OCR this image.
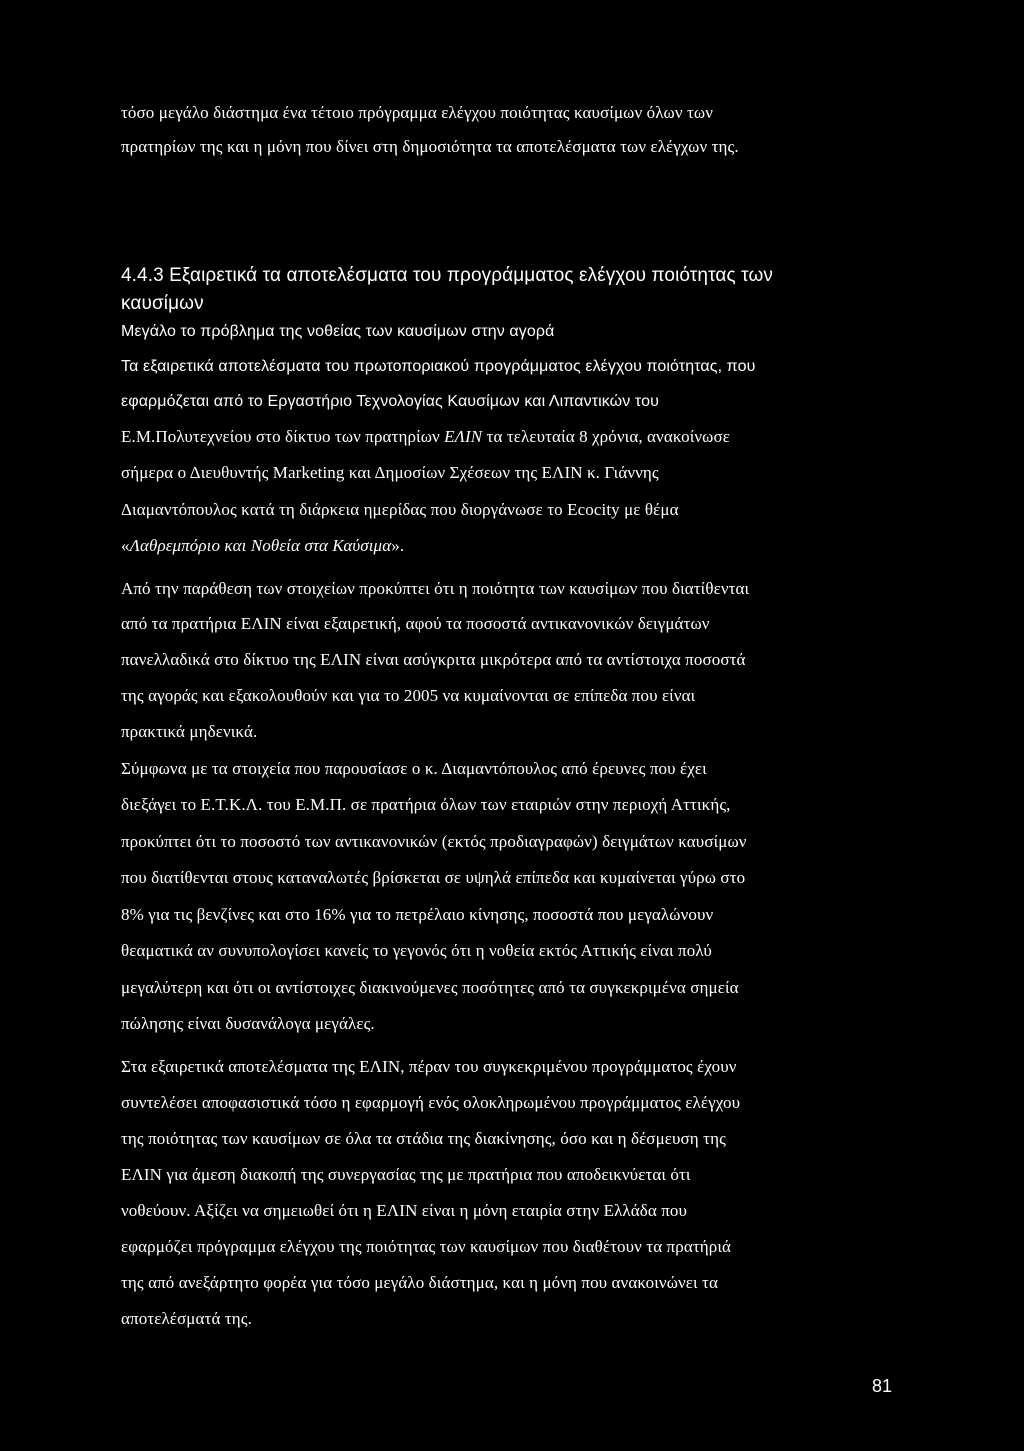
τόσο μεγάλο διάστημα ένα τέτοιο πρόγραμμα ελέγχου ποιότητας καυσίμων όλων των
πρατηρίων της και η μόνη που δίνει στη δημοσιότητα τα αποτελέσματα των ελέγχων της.
4.4.3 Εξαιρετικά τα αποτελέσματα του προγράμματος ελέγχου ποιότητας των
καυσίμων
Μεγάλο το πρόβλημα της νοθείας των καυσίμων στην αγορά
Τα εξαιρετικά αποτελέσματα του πρωτοποριακού προγράμματος ελέγχου ποιότητας, που
εφαρμόζεται από το Εργαστήριο Τεχνολογίας Καυσίμων και Λιπαντικών του
Ε.Μ.Πολυτεχνείου στο δίκτυο των πρατηρίων ΕΛΙΝ τα τελευταία 8 χρόνια, ανακοίνωσε
σήμερα ο Διευθυντής Marketing και Δημοσίων Σχέσεων της ΕΛΙΝ κ. Γιάννης
Διαμαντόπουλος κατά τη διάρκεια ημερίδας που διοργάνωσε το Ecocity με θέμα
«Λαθρεμπόριο και Νοθεία στα Καύσιμα».
Από την παράθεση των στοιχείων προκύπτει ότι η ποιότητα των καυσίμων που διατίθενται
από τα πρατήρια ΕΛΙΝ είναι εξαιρετική, αφού τα ποσοστά αντικανονικών δειγμάτων
πανελλαδικά στο δίκτυο της ΕΛΙΝ είναι ασύγκριτα μικρότερα από τα αντίστοιχα ποσοστά
της αγοράς και εξακολουθούν και για το 2005 να κυμαίνονται σε επίπεδα που είναι
πρακτικά μηδενικά.
Σύμφωνα με τα στοιχεία που παρουσίασε ο κ. Διαμαντόπουλος από έρευνες που έχει
διεξάγει το Ε.Τ.Κ.Λ. του Ε.Μ.Π. σε πρατήρια όλων των εταιριών στην περιοχή Αττικής,
προκύπτει ότι το ποσοστό των αντικανονικών (εκτός προδιαγραφών) δειγμάτων καυσίμων
που διατίθενται στους καταναλωτές βρίσκεται σε υψηλά επίπεδα και κυμαίνεται γύρω στο
8% για τις βενζίνες και στο 16% για το πετρέλαιο κίνησης, ποσοστά που μεγαλώνουν
θεαματικά αν συνυπολογίσει κανείς το γεγονός ότι η νοθεία εκτός Αττικής είναι πολύ
μεγαλύτερη και ότι οι αντίστοιχες διακινούμενες ποσότητες από τα συγκεκριμένα σημεία
πώλησης είναι δυσανάλογα μεγάλες.
Στα εξαιρετικά αποτελέσματα της ΕΛΙΝ, πέραν του συγκεκριμένου προγράμματος έχουν
συντελέσει αποφασιστικά τόσο η εφαρμογή ενός ολοκληρωμένου προγράμματος ελέγχου
της ποιότητας των καυσίμων σε όλα τα στάδια της διακίνησης, όσο και η δέσμευση της
ΕΛΙΝ για άμεση διακοπή της συνεργασίας της με πρατήρια που αποδεικνύεται ότι
νοθεύουν. Αξίζει να σημειωθεί ότι η ΕΛΙΝ είναι η μόνη εταιρία στην Ελλάδα που
εφαρμόζει πρόγραμμα ελέγχου της ποιότητας των καυσίμων που διαθέτουν τα πρατήριά
της από ανεξάρτητο φορέα για τόσο μεγάλο διάστημα, και η μόνη που ανακοινώνει τα
αποτελέσματά της.
81
